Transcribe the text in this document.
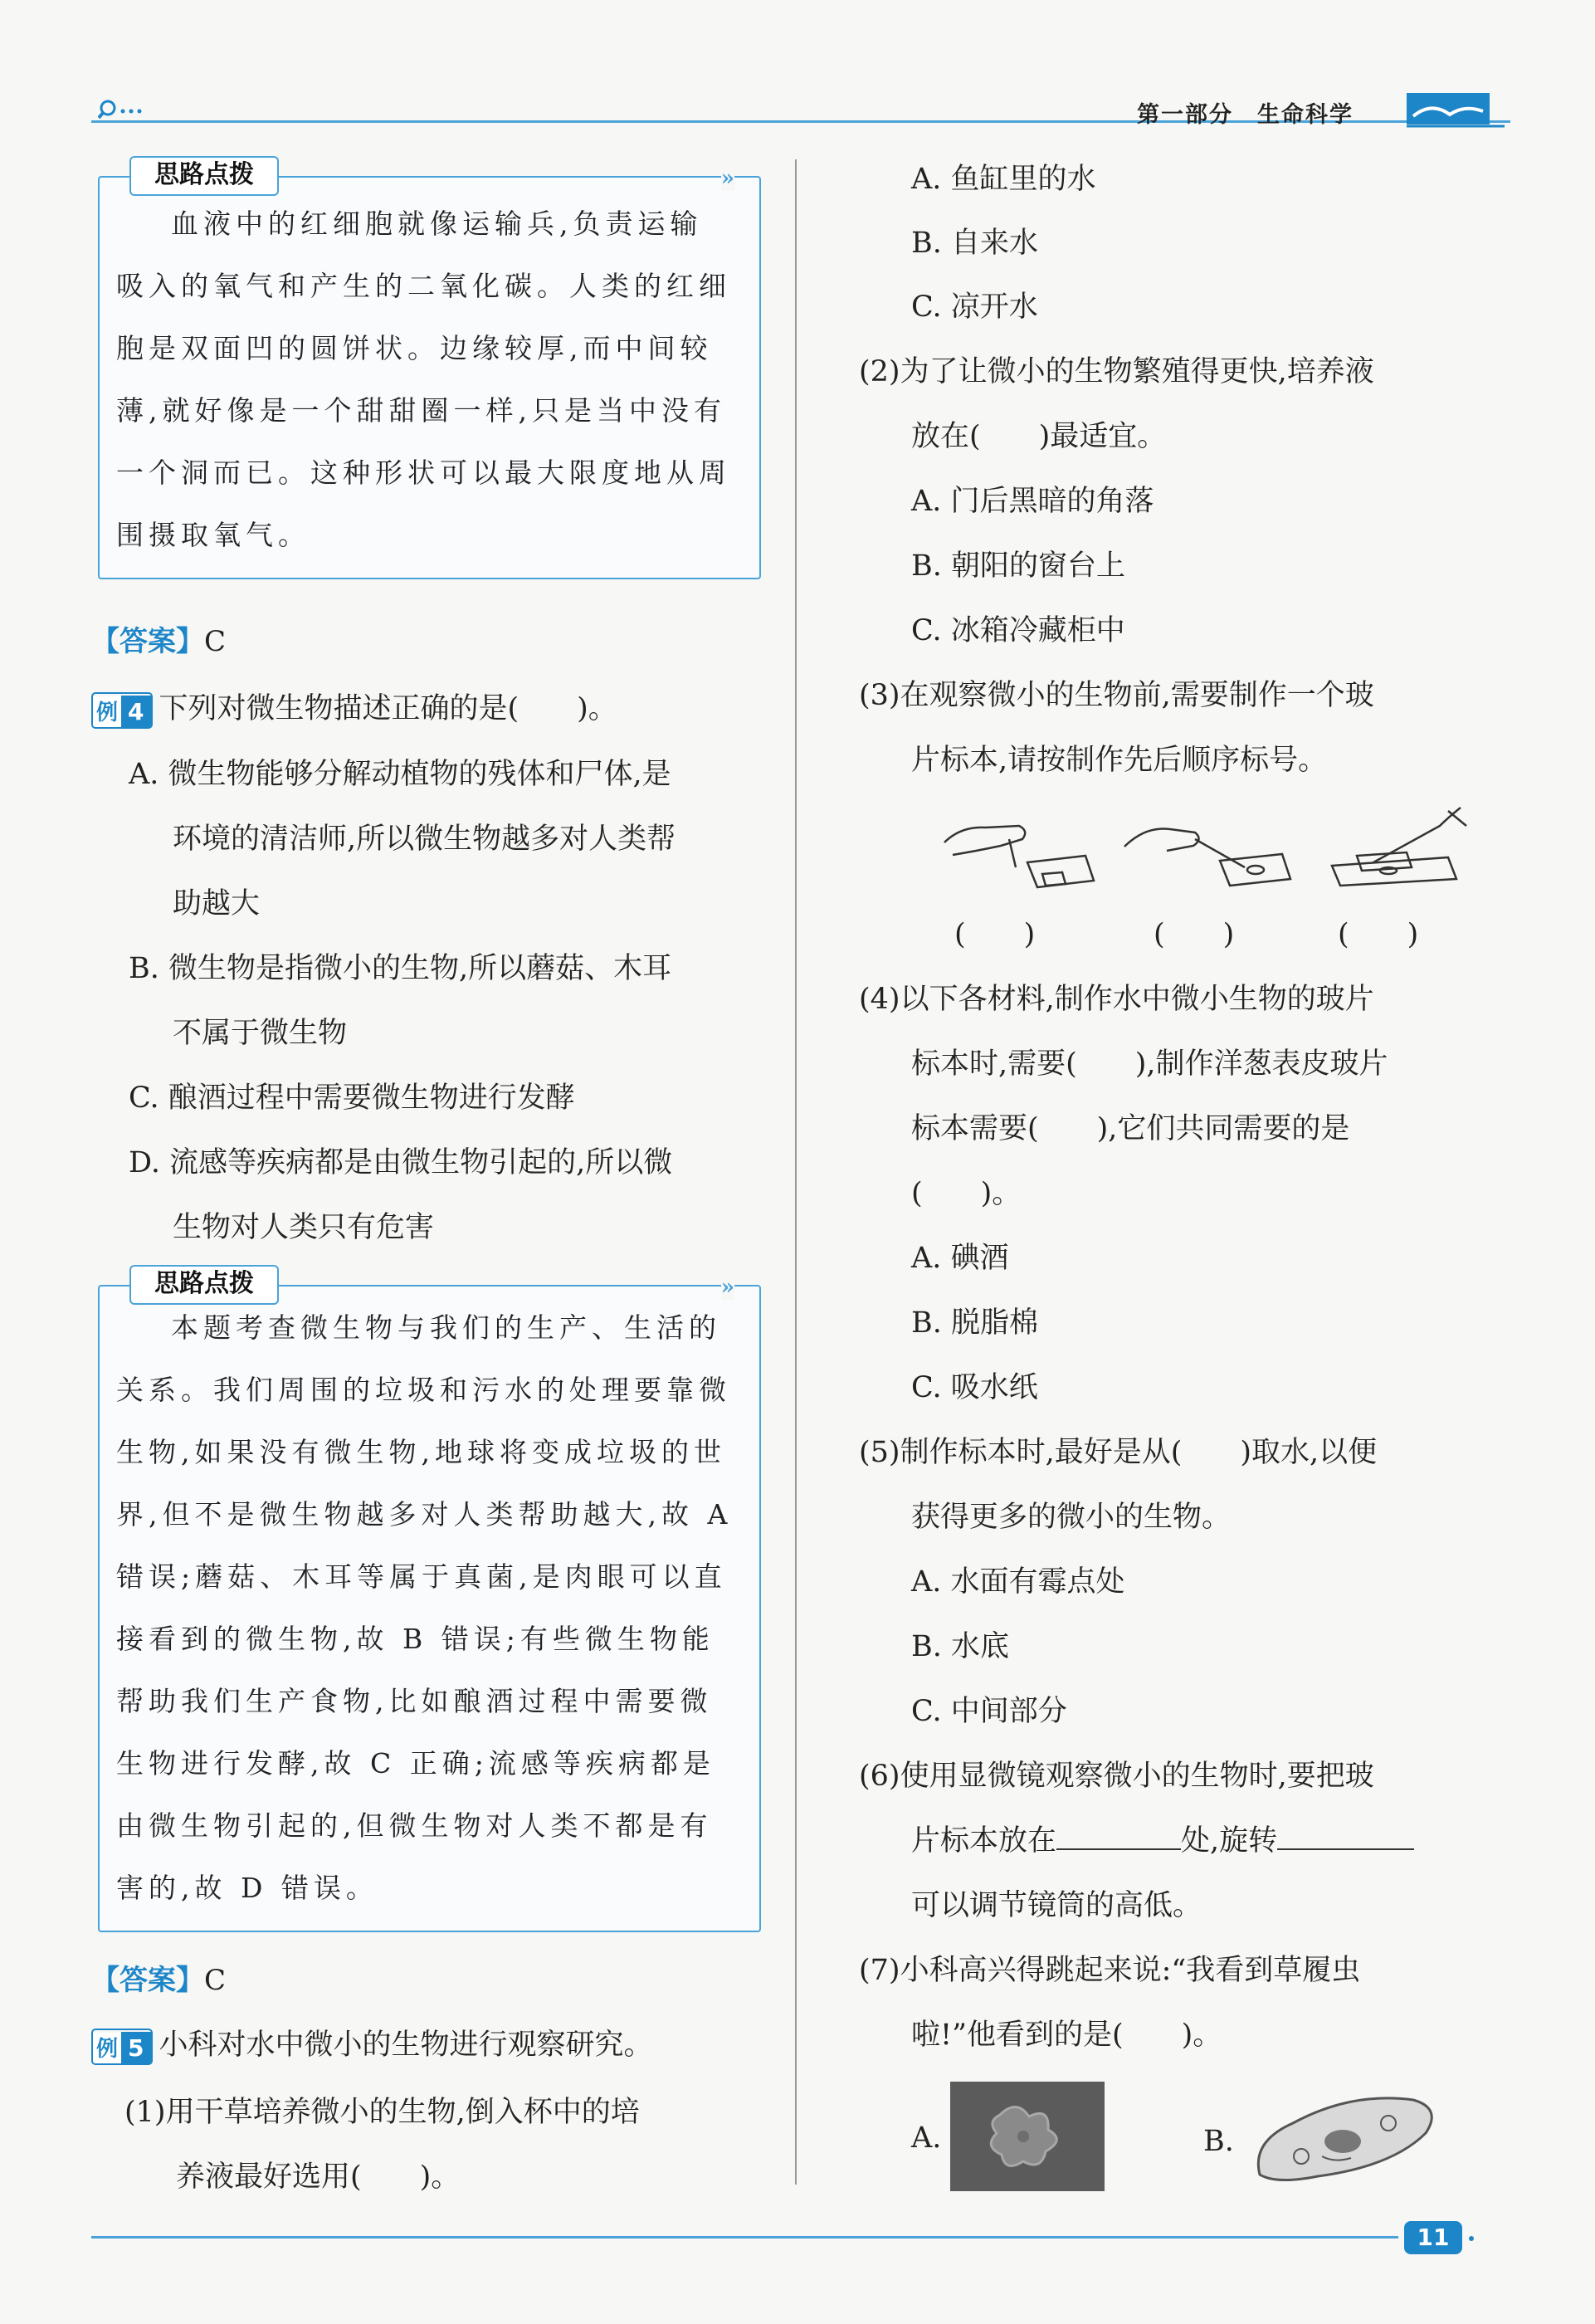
第一部分　生命科学
思路点拨	»
血液中的红细胞就像运输兵,负责运输
吸入的氧气和产生的二氧化碳。人类的红细
胞是双面凹的圆饼状。边缘较厚,而中间较
薄,就好像是一个甜甜圈一样,只是当中没有
一个洞而已。这种形状可以最大限度地从周
围摄取氧气。
【答案】C
例 4 下列对微生物描述正确的是(　　)。
A. 微生物能够分解动植物的残体和尸体,是
环境的清洁师,所以微生物越多对人类帮
助越大
B. 微生物是指微小的生物,所以蘑菇、木耳
不属于微生物
C. 酿酒过程中需要微生物进行发酵
D. 流感等疾病都是由微生物引起的,所以微
生物对人类只有危害
思路点拨	»
本题考查微生物与我们的生产、生活的
关系。我们周围的垃圾和污水的处理要靠微
生物,如果没有微生物,地球将变成垃圾的世
界,但不是微生物越多对人类帮助越大,故 A
错误;蘑菇、木耳等属于真菌,是肉眼可以直
接看到的微生物,故 B 错误;有些微生物能
帮助我们生产食物,比如酿酒过程中需要微
生物进行发酵,故 C 正确;流感等疾病都是
由微生物引起的,但微生物对人类不都是有
害的,故 D 错误。
【答案】C
例 5 小科对水中微小的生物进行观察研究。
(1)用干草培养微小的生物,倒入杯中的培
养液最好选用(　　)。
A. 鱼缸里的水
B. 自来水
C. 凉开水
(2)为了让微小的生物繁殖得更快,培养液
放在(　　)最适宜。
A. 门后黑暗的角落
B. 朝阳的窗台上
C. 冰箱冷藏柜中
(3)在观察微小的生物前,需要制作一个玻
片标本,请按制作先后顺序标号。
(　　)	(　　)	(　　)
(4)以下各材料,制作水中微小生物的玻片
标本时,需要(　　),制作洋葱表皮玻片
标本需要(　　),它们共同需要的是
(　　)。
A. 碘酒
B. 脱脂棉
C. 吸水纸
(5)制作标本时,最好是从(　　)取水,以便
获得更多的微小的生物。
A. 水面有霉点处
B. 水底
C. 中间部分
(6)使用显微镜观察微小的生物时,要把玻
片标本放在	处,旋转
可以调节镜筒的高低。
(7)小科高兴得跳起来说:“我看到草履虫
啦!”他看到的是(　　)。
A.	B.
11
